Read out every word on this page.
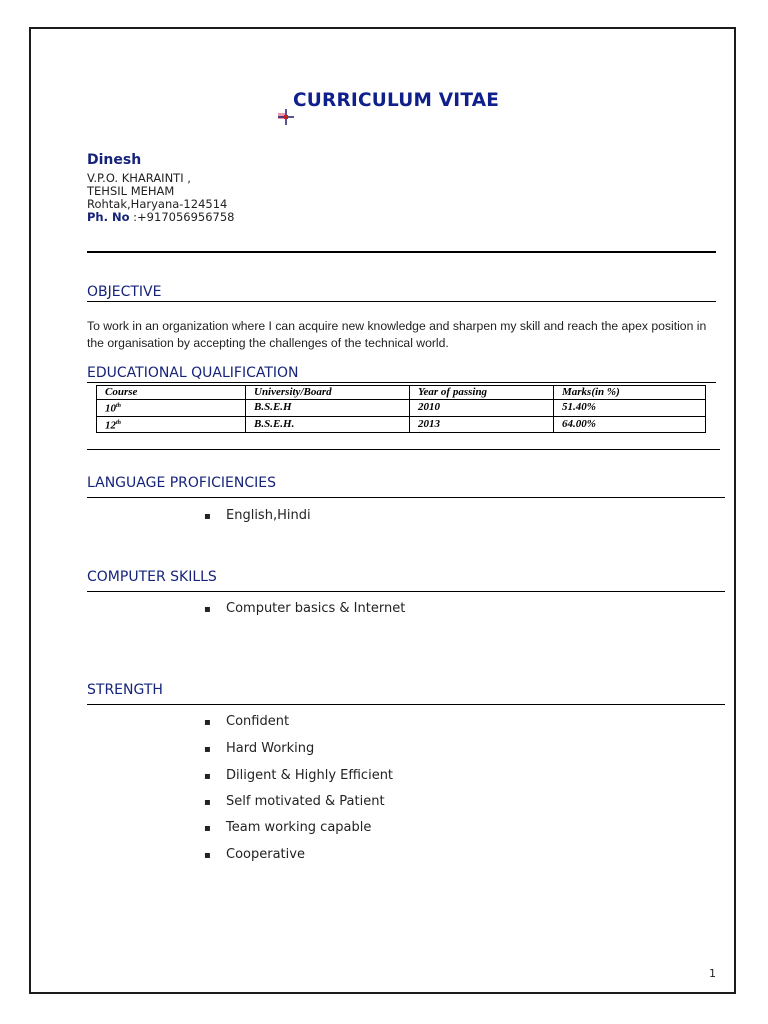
CURRICULUM VITAE
Dinesh
V.P.O. KHARAINTI ,
TEHSIL MEHAM
Rohtak,Haryana-124514
Ph. No :+917056956758
OBJECTIVE
To work in an organization where I can acquire new knowledge and sharpen my skill and reach the apex position in the organisation by accepting the challenges of the technical world.
EDUCATIONAL QUALIFICATION
Course	University/Board	Year of passing	Marks(in %)
10th	B.S.E.H	2010	51.40%
12th	B.S.E.H.	2013	64.00%
LANGUAGE PROFICIENCIES
▪ English,Hindi
COMPUTER SKILLS
▪ Computer basics & Internet
STRENGTH
▪ Confident
▪ Hard Working
▪ Diligent & Highly Efficient
▪ Self motivated & Patient
▪ Team working capable
▪ Cooperative
1
